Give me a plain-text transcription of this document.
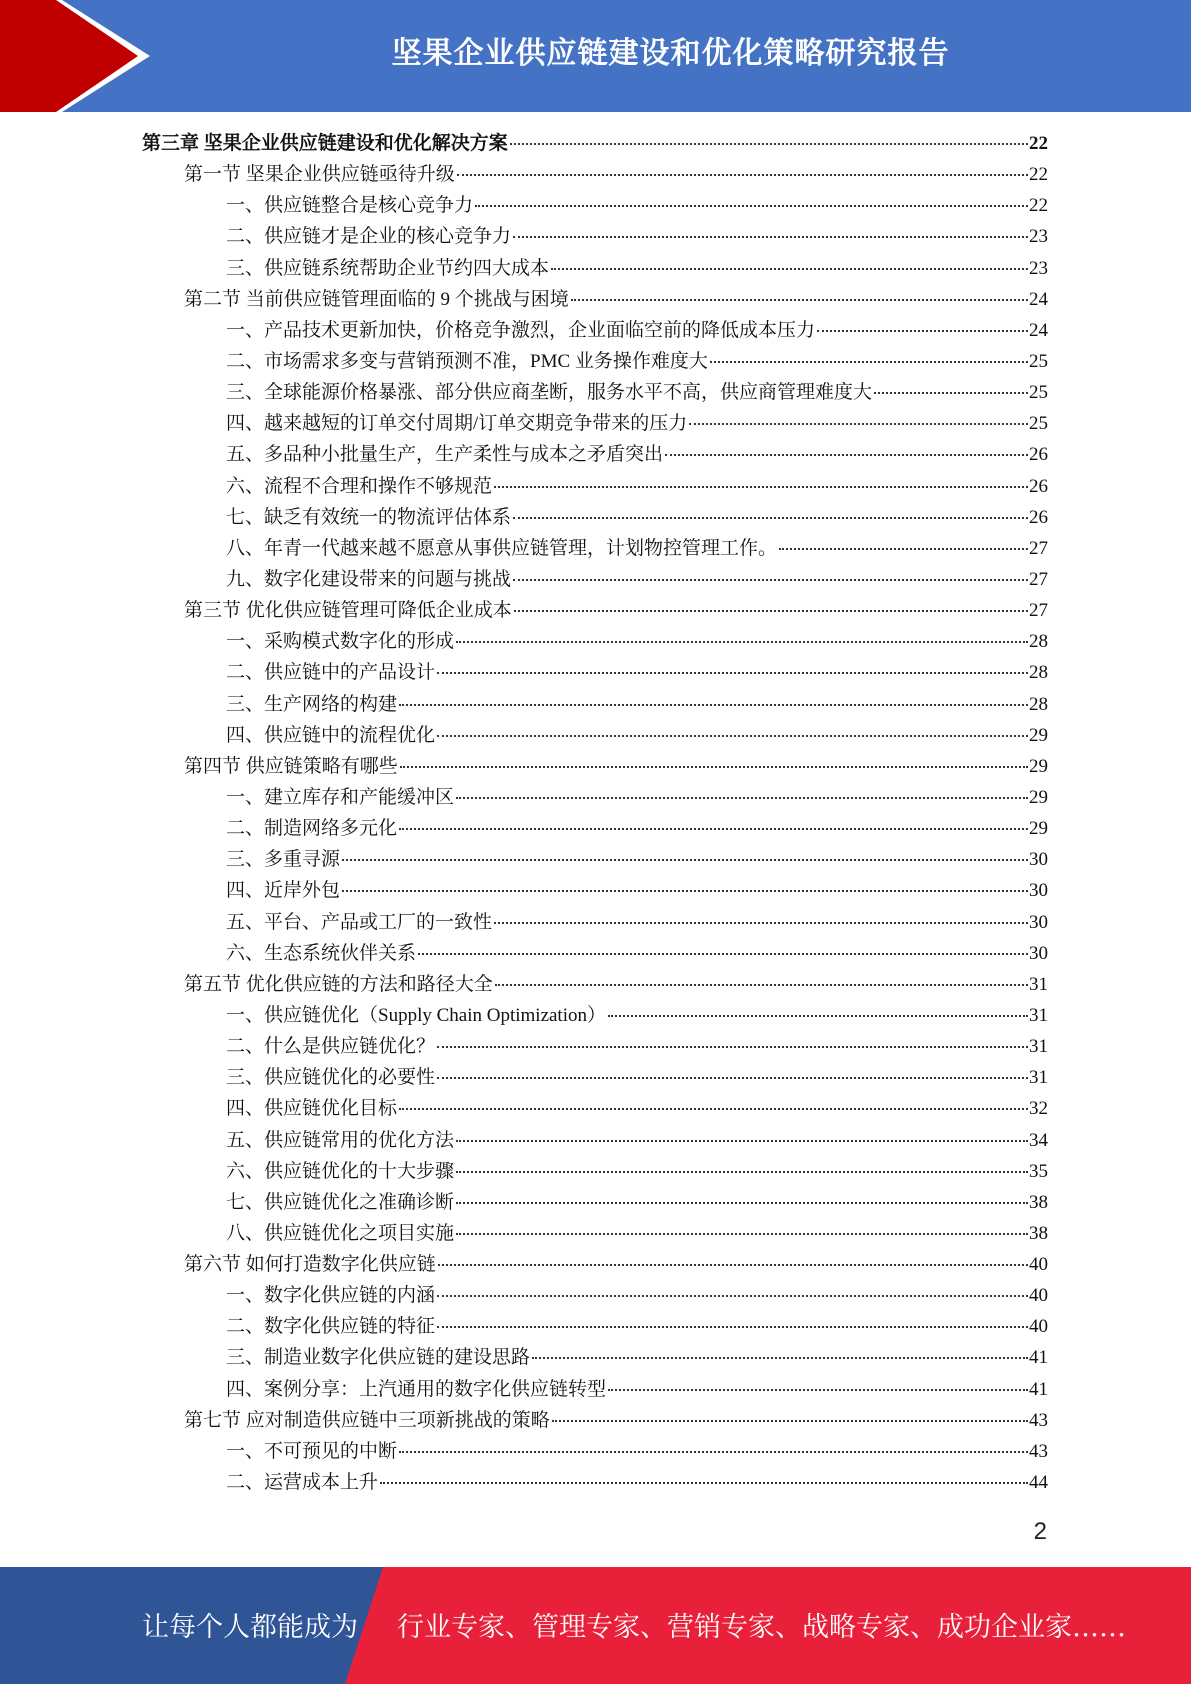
坚果企业供应链建设和优化策略研究报告
第三章 坚果企业供应链建设和优化解决方案	22
第一节 坚果企业供应链亟待升级	22
一、供应链整合是核心竞争力	22
二、供应链才是企业的核心竞争力	23
三、供应链系统帮助企业节约四大成本	23
第二节 当前供应链管理面临的 9 个挑战与困境	24
一、产品技术更新加快，价格竞争激烈，企业面临空前的降低成本压力	24
二、市场需求多变与营销预测不准，PMC 业务操作难度大	25
三、全球能源价格暴涨、部分供应商垄断，服务水平不高，供应商管理难度大	25
四、越来越短的订单交付周期/订单交期竞争带来的压力	25
五、多品种小批量生产，生产柔性与成本之矛盾突出	26
六、流程不合理和操作不够规范	26
七、缺乏有效统一的物流评估体系	26
八、年青一代越来越不愿意从事供应链管理，计划物控管理工作。	27
九、数字化建设带来的问题与挑战	27
第三节 优化供应链管理可降低企业成本	27
一、采购模式数字化的形成	28
二、供应链中的产品设计	28
三、生产网络的构建	28
四、供应链中的流程优化	29
第四节 供应链策略有哪些	29
一、建立库存和产能缓冲区	29
二、制造网络多元化	29
三、多重寻源	30
四、近岸外包	30
五、平台、产品或工厂的一致性	30
六、生态系统伙伴关系	30
第五节 优化供应链的方法和路径大全	31
一、供应链优化（Supply Chain Optimization）	31
二、什么是供应链优化？	31
三、供应链优化的必要性	31
四、供应链优化目标	32
五、供应链常用的优化方法	34
六、供应链优化的十大步骤	35
七、供应链优化之准确诊断	38
八、供应链优化之项目实施	38
第六节 如何打造数字化供应链	40
一、数字化供应链的内涵	40
二、数字化供应链的特征	40
三、制造业数字化供应链的建设思路	41
四、案例分享：上汽通用的数字化供应链转型	41
第七节 应对制造供应链中三项新挑战的策略	43
一、不可预见的中断	43
二、运营成本上升	44
2
让每个人都能成为 行业专家、管理专家、营销专家、战略专家、成功企业家……
